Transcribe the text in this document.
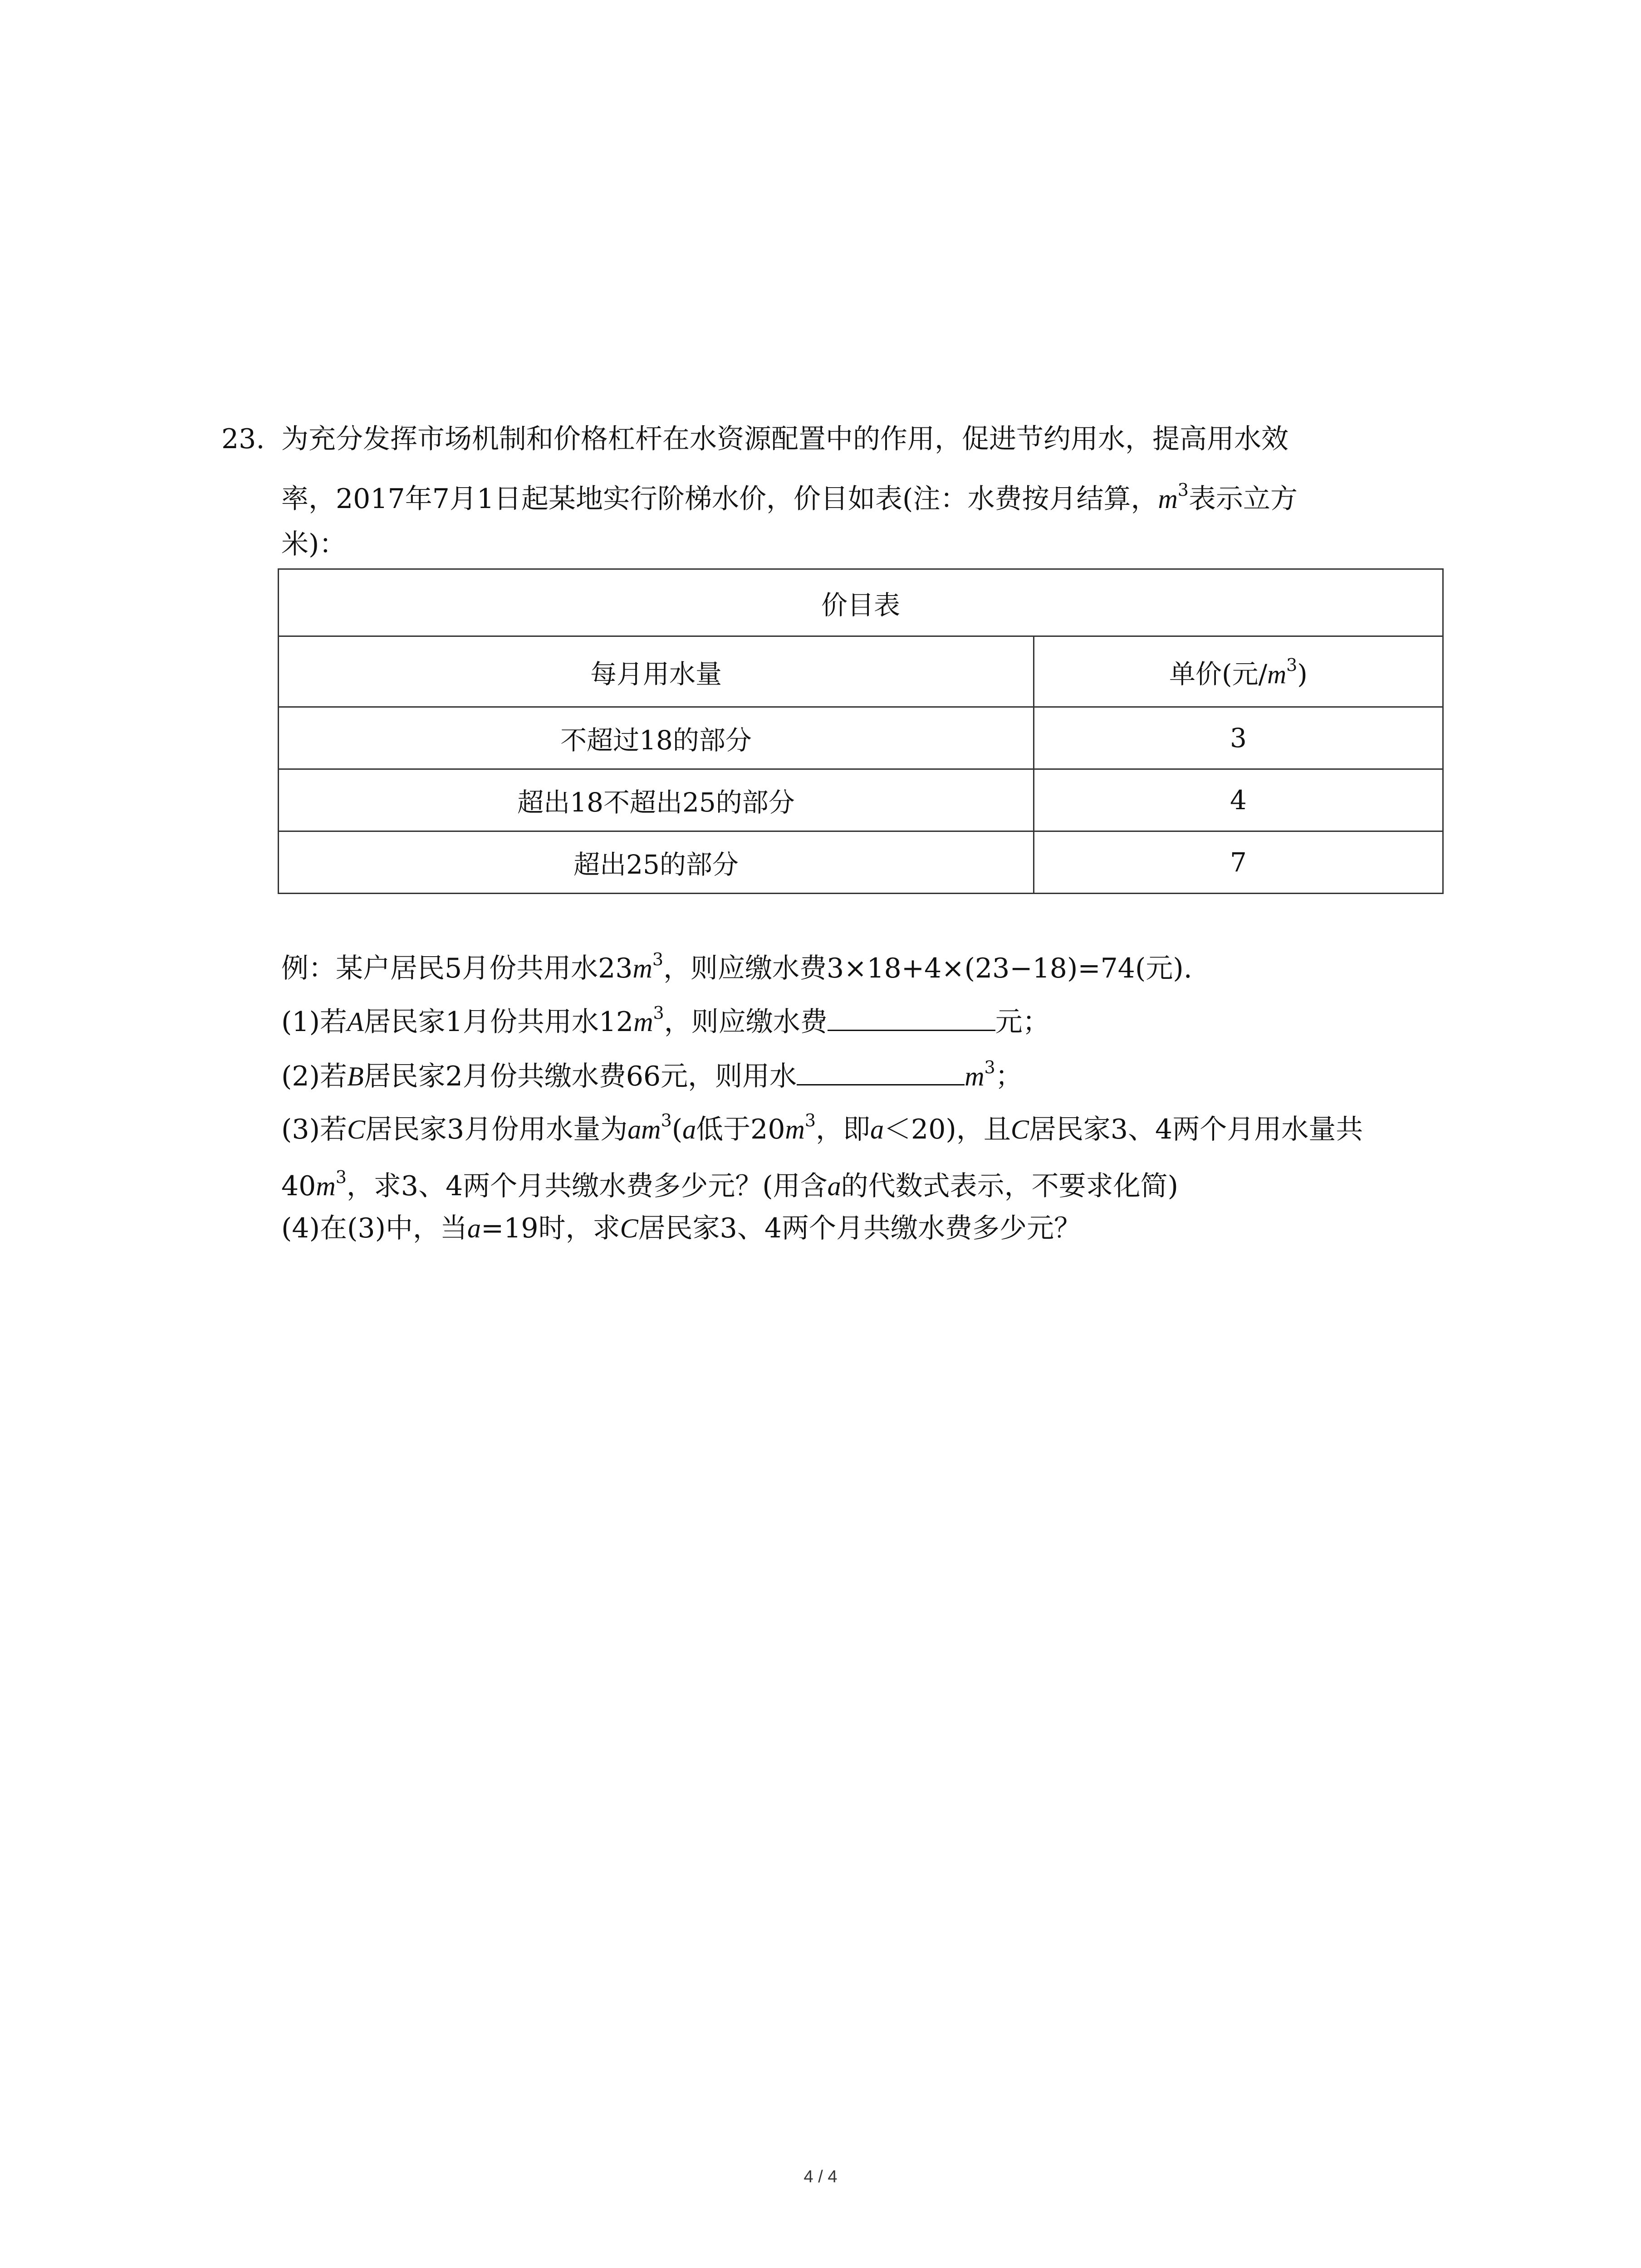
23. 为充分发挥市场机制和价格杠杆在水资源配置中的作用，促进节约用水，提高用水效
率，2017年7月1日起某地实行阶梯水价，价目如表(注：水费按月结算，$m^3$表示立方
米)：
价目表	
每月用水量	单价(元$/m^3$)
不超过18的部分	3
超出18不超出25的部分	4
超出25的部分	7
例：某户居民5月份共用水$23m^3$，则应缴水费3×18+4×(23−18)=74(元).
(1)若A居民家1月份共用水$12m^3$，则应缴水费	元；
(2)若B居民家2月份共缴水费66元，则用水	$m^3$；
(3)若C居民家3月份用水量为$am^3(a$低于$20m^3$，即a＜20)，且C居民家3、4两个月用水量共
$40m^3$，求3、4两个月共缴水费多少元？(用含a的代数式表示，不要求化简)
(4)在(3)中，当a=19时，求C居民家3、4两个月共缴水费多少元？
4 / 4
